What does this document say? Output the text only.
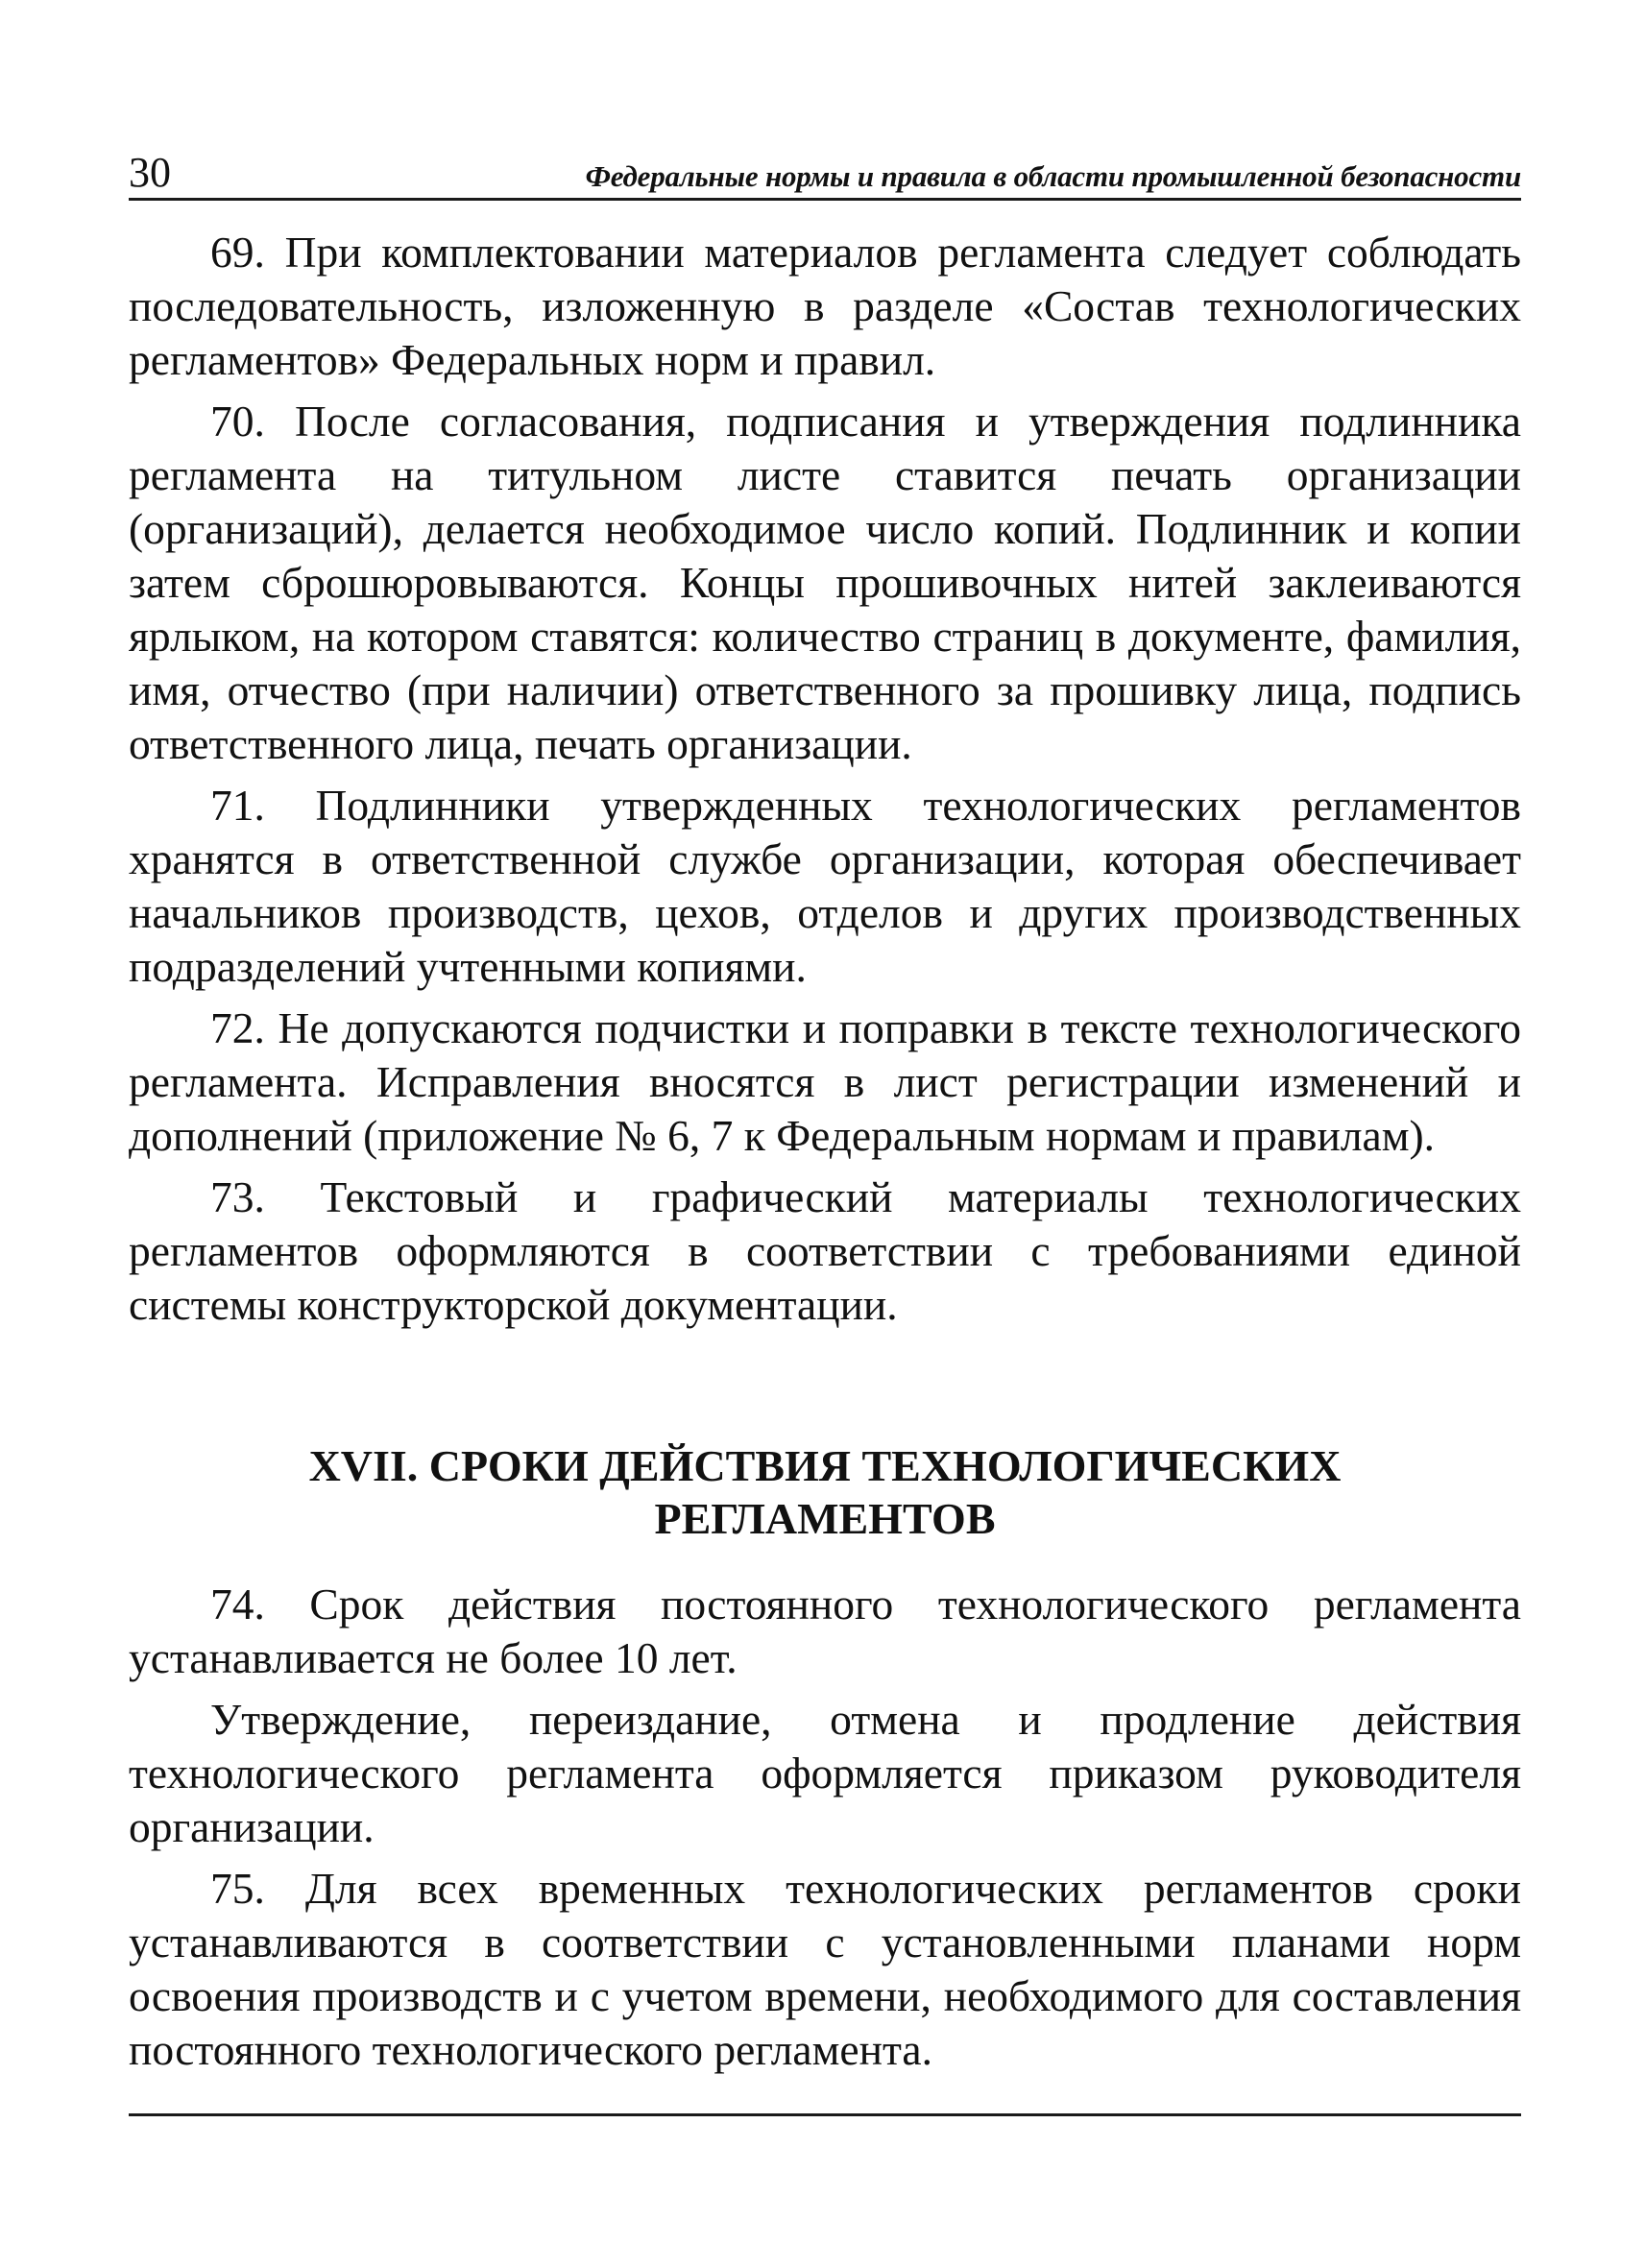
30	Федеральные нормы и правила в области промышленной безопасности

69. При комплектовании материалов регламента следует соблюдать последовательность, изложенную в разделе «Состав технологических регламентов» Федеральных норм и правил.

70. После согласования, подписания и утверждения подлинника регламента на титульном листе ставится печать организации (организаций), делается необходимое число копий. Подлинник и копии затем сброшюровываются. Концы прошивочных нитей заклеиваются ярлыком, на котором ставятся: количество страниц в документе, фамилия, имя, отчество (при наличии) ответственного за прошивку лица, подпись ответственного лица, печать организации.

71. Подлинники утвержденных технологических регламентов хранятся в ответственной службе организации, которая обеспечивает начальников производств, цехов, отделов и других производственных подразделений учтенными копиями.

72. Не допускаются подчистки и поправки в тексте технологического регламента. Исправления вносятся в лист регистрации изменений и дополнений (приложение № 6, 7 к Федеральным нормам и правилам).

73. Текстовый и графический материалы технологических регламентов оформляются в соответствии с требованиями единой системы конструкторской документации.

XVII. СРОКИ ДЕЙСТВИЯ ТЕХНОЛОГИЧЕСКИХ
РЕГЛАМЕНТОВ

74. Срок действия постоянного технологического регламента устанавливается не более 10 лет.

Утверждение, переиздание, отмена и продление действия технологического регламента оформляется приказом руководителя организации.

75. Для всех временных технологических регламентов сроки устанавливаются в соответствии с установленными планами норм освоения производств и с учетом времени, необходимого для составления постоянного технологического регламента.
